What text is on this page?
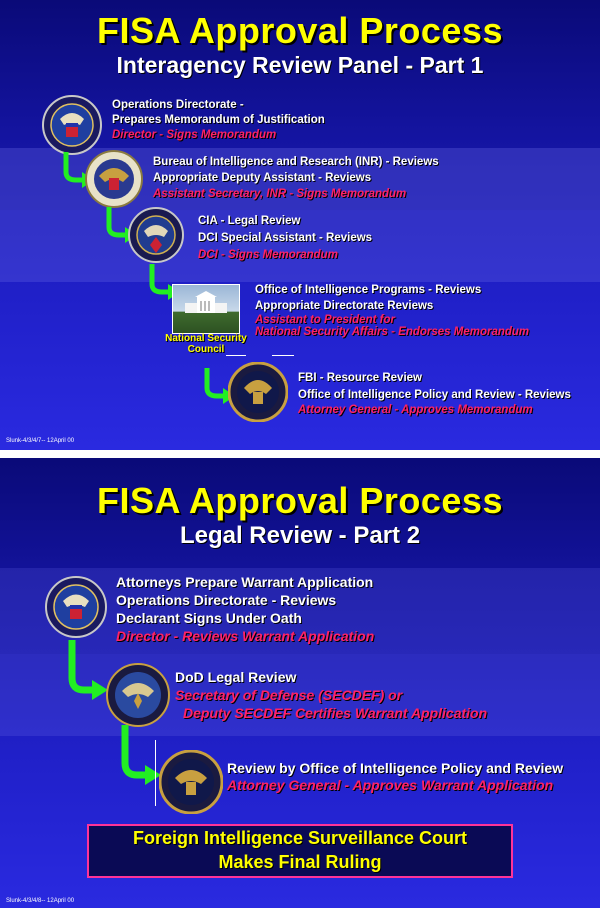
FISA Approval Process
Interagency Review Panel - Part 1
Operations Directorate -
Prepares Memorandum of Justification
Director - Signs Memorandum
Bureau of Intelligence and Research (INR) - Reviews
Appropriate Deputy Assistant - Reviews
Assistant Secretary, INR - Signs Memorandum
CIA - Legal Review
DCI Special Assistant - Reviews
DCI - Signs Memorandum
National Security
Council
Office of Intelligence Programs - Reviews
Appropriate Directorate Reviews
Assistant to President for
National Security Affairs - Endorses Memorandum
FBI - Resource Review
Office of Intelligence Policy and Review - Reviews
Attorney General - Approves Memorandum
Slunk-4/3/4/7-- 12April 00
FISA Approval Process
Legal Review - Part 2
Attorneys Prepare Warrant Application
Operations Directorate - Reviews
Declarant Signs Under Oath
Director - Reviews Warrant Application
DoD Legal Review
Secretary of Defense (SECDEF) or
Deputy SECDEF Certifies Warrant Application
Review by Office of Intelligence Policy and Review
Attorney General - Approves Warrant Application
Foreign Intelligence Surveillance Court
Makes Final Ruling
Slunk-4/3/4/8-- 12April 00
